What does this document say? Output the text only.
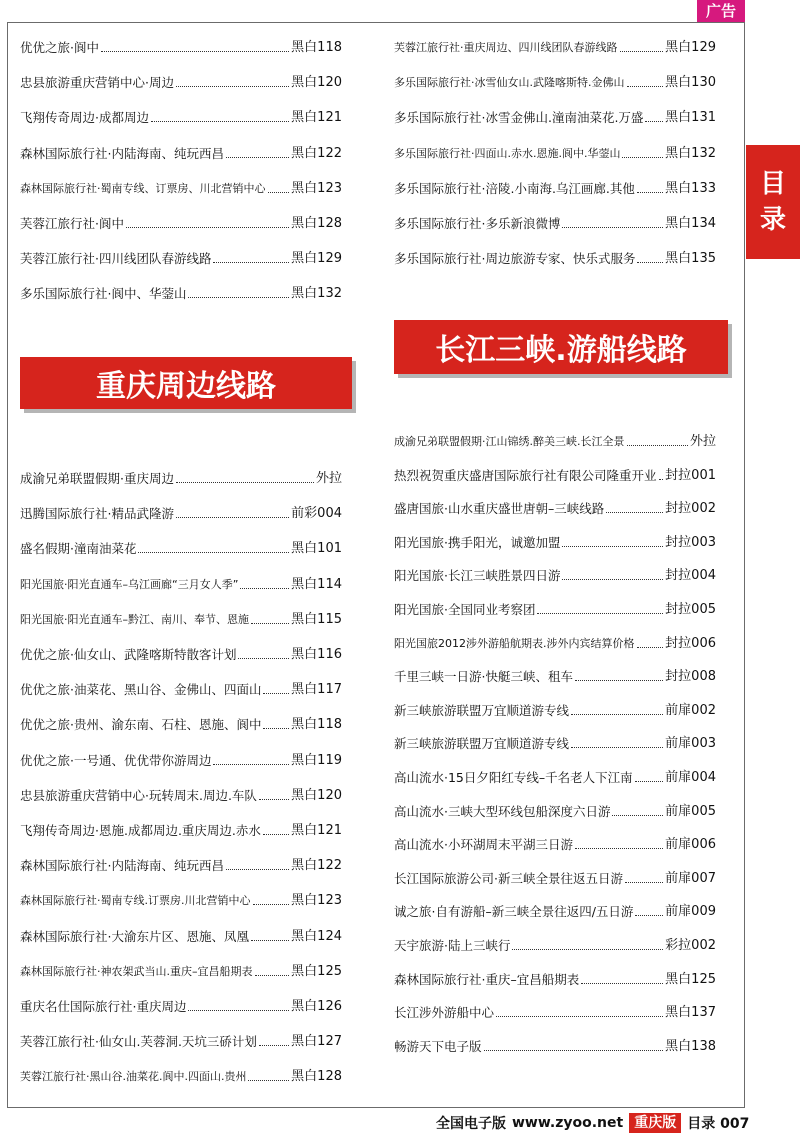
广告
目
录
优优之旅·阆中	黑白118
忠县旅游重庆营销中心·周边	黑白120
飞翔传奇周边·成都周边	黑白121
森林国际旅行社·内陆海南、纯玩西昌	黑白122
森林国际旅行社·蜀南专线、订票房、川北营销中心 黑白123
芙蓉江旅行社·阆中	黑白128
芙蓉江旅行社·四川线团队春游线路	黑白129
多乐国际旅行社·阆中、华蓥山	黑白132
成渝兄弟联盟假期·重庆周边	外拉
迅腾国际旅行社·精品武隆游	前彩004
盛名假期·潼南油菜花	黑白101
阳光国旅·阳光直通车–乌江画廊“三月女人季”	黑白114
阳光国旅·阳光直通车–黔江、南川、奉节、恩施	黑白115
优优之旅·仙女山、武隆喀斯特散客计划	黑白116
优优之旅·油菜花、黑山谷、金佛山、四面山 黑白117
优优之旅·贵州、渝东南、石柱、恩施、阆中 黑白118
优优之旅·一号通、优优带你游周边	黑白119
忠县旅游重庆营销中心·玩转周末.周边.车队	黑白120
飞翔传奇周边·恩施.成都周边.重庆周边.赤水 黑白121
森林国际旅行社·内陆海南、纯玩西昌	黑白122
森林国际旅行社·蜀南专线.订票房.川北营销中心	黑白123
森林国际旅行社·大渝东片区、恩施、凤凰	黑白124
森林国际旅行社·神农架武当山.重庆–宜昌船期表	黑白125
重庆名仕国际旅行社·重庆周边	黑白126
芙蓉江旅行社·仙女山.芙蓉洞.天坑三硚计划	黑白127
芙蓉江旅行社·黑山谷.油菜花.阆中.四面山.贵州	黑白128
芙蓉江旅行社·重庆周边、四川线团队春游线路	黑白129
多乐国际旅行社·冰雪仙女山.武隆喀斯特.金佛山	黑白130
多乐国际旅行社·冰雪金佛山.潼南油菜花.万盛 黑白131
多乐国际旅行社·四面山.赤水.恩施.阆中.华蓥山	黑白132
多乐国际旅行社·涪陵.小南海.乌江画廊.其他 黑白133
多乐国际旅行社·多乐新浪微博	黑白134
多乐国际旅行社·周边旅游专家、快乐式服务 黑白135
成渝兄弟联盟假期·江山锦绣.醉美三峡.长江全景	外拉
热烈祝贺重庆盛唐国际旅行社有限公司隆重开业 封拉001
盛唐国旅·山水重庆盛世唐朝–三峡线路	封拉002
阳光国旅·携手阳光，诚邀加盟	封拉003
阳光国旅·长江三峡胜景四日游	封拉004
阳光国旅·全国同业考察团	封拉005
阳光国旅2012涉外游船航期表.涉外内宾结算价格 封拉006
千里三峡一日游·快艇三峡、租车	封拉008
新三峡旅游联盟万宜顺道游专线	前扉002
新三峡旅游联盟万宜顺道游专线	前扉003
高山流水·15日夕阳红专线–千名老人下江南	前扉004
高山流水·三峡大型环线包船深度六日游	前扉005
高山流水·小环湖周末平湖三日游	前扉006
长江国际旅游公司·新三峡全景往返五日游	前扉007
诚之旅·自有游船–新三峡全景往返四/五日游 前扉009
天宇旅游·陆上三峡行	彩拉002
森林国际旅行社·重庆–宜昌船期表	黑白125
长江涉外游船中心	黑白137
畅游天下电子版	黑白138
重庆周边线路
长江三峡.游船线路
全国电子版 www.zyoo.net 重庆版 目录 007
